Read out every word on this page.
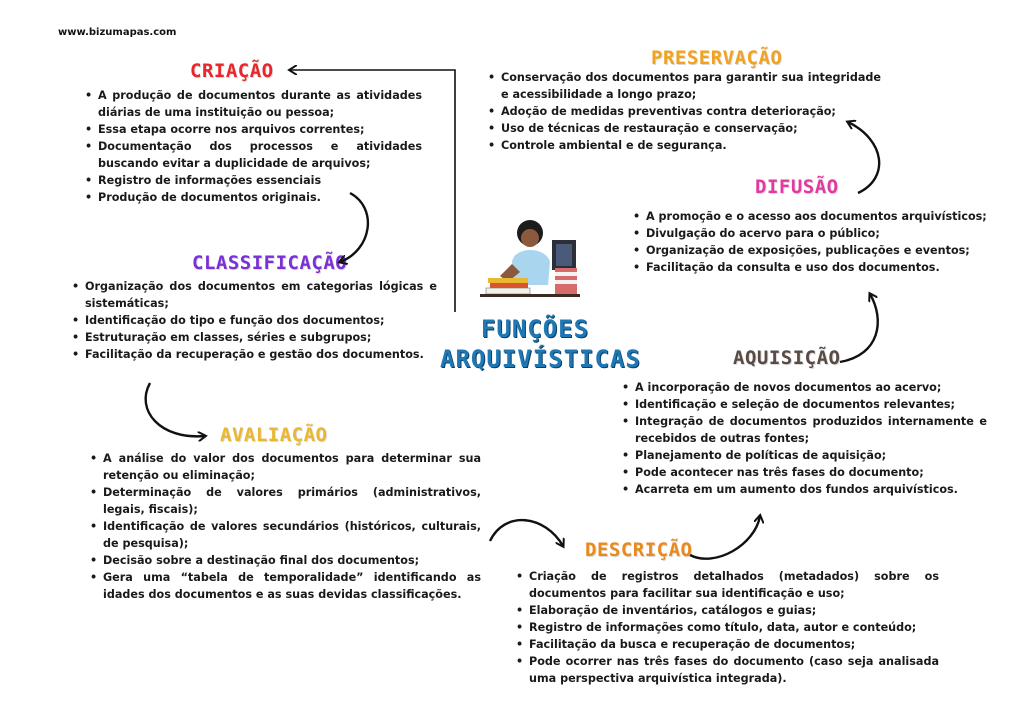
www.bizumapas.com
CRIAÇÃO
CLASSIFICAÇÃO
AVALIAÇÃO
PRESERVAÇÃO
DIFUSÃO
AQUISIÇÃO
DESCRIÇÃO
• A produção de documentos durante as atividades diárias de uma instituição ou pessoa;
• Essa etapa ocorre nos arquivos correntes;
• Documentação dos processos e atividades buscando evitar a duplicidade de arquivos;
• Registro de informações essenciais
• Produção de documentos originais.
• Organização dos documentos em categorias lógicas e sistemáticas;
• Identificação do tipo e função dos documentos;
• Estruturação em classes, séries e subgrupos;
• Facilitação da recuperação e gestão dos documentos.
• A análise do valor dos documentos para determinar sua retenção ou eliminação;
• Determinação de valores primários (administrativos, legais, fiscais);
• Identificação de valores secundários (históricos, culturais, de pesquisa);
• Decisão sobre a destinação final dos documentos;
• Gera uma “tabela de temporalidade” identificando as idades dos documentos e as suas devidas classificações.
• Conservação dos documentos para garantir sua integridade e acessibilidade a longo prazo;
• Adoção de medidas preventivas contra deterioração;
• Uso de técnicas de restauração e conservação;
• Controle ambiental e de segurança.
• A promoção e o acesso aos documentos arquivísticos;
• Divulgação do acervo para o público;
• Organização de exposições, publicações e eventos;
• Facilitação da consulta e uso dos documentos.
• A incorporação de novos documentos ao acervo;
• Identificação e seleção de documentos relevantes;
• Integração de documentos produzidos internamente e recebidos de outras fontes;
• Planejamento de políticas de aquisição;
• Pode acontecer nas três fases do documento;
• Acarreta em um aumento dos fundos arquivísticos.
• Criação de registros detalhados (metadados) sobre os documentos para facilitar sua identificação e uso;
• Elaboração de inventários, catálogos e guias;
• Registro de informações como título, data, autor e conteúdo;
• Facilitação da busca e recuperação de documentos;
• Pode ocorrer nas três fases do documento (caso seja analisada uma perspectiva arquivística integrada).
FUNÇÕES
ARQUIVÍSTICAS
